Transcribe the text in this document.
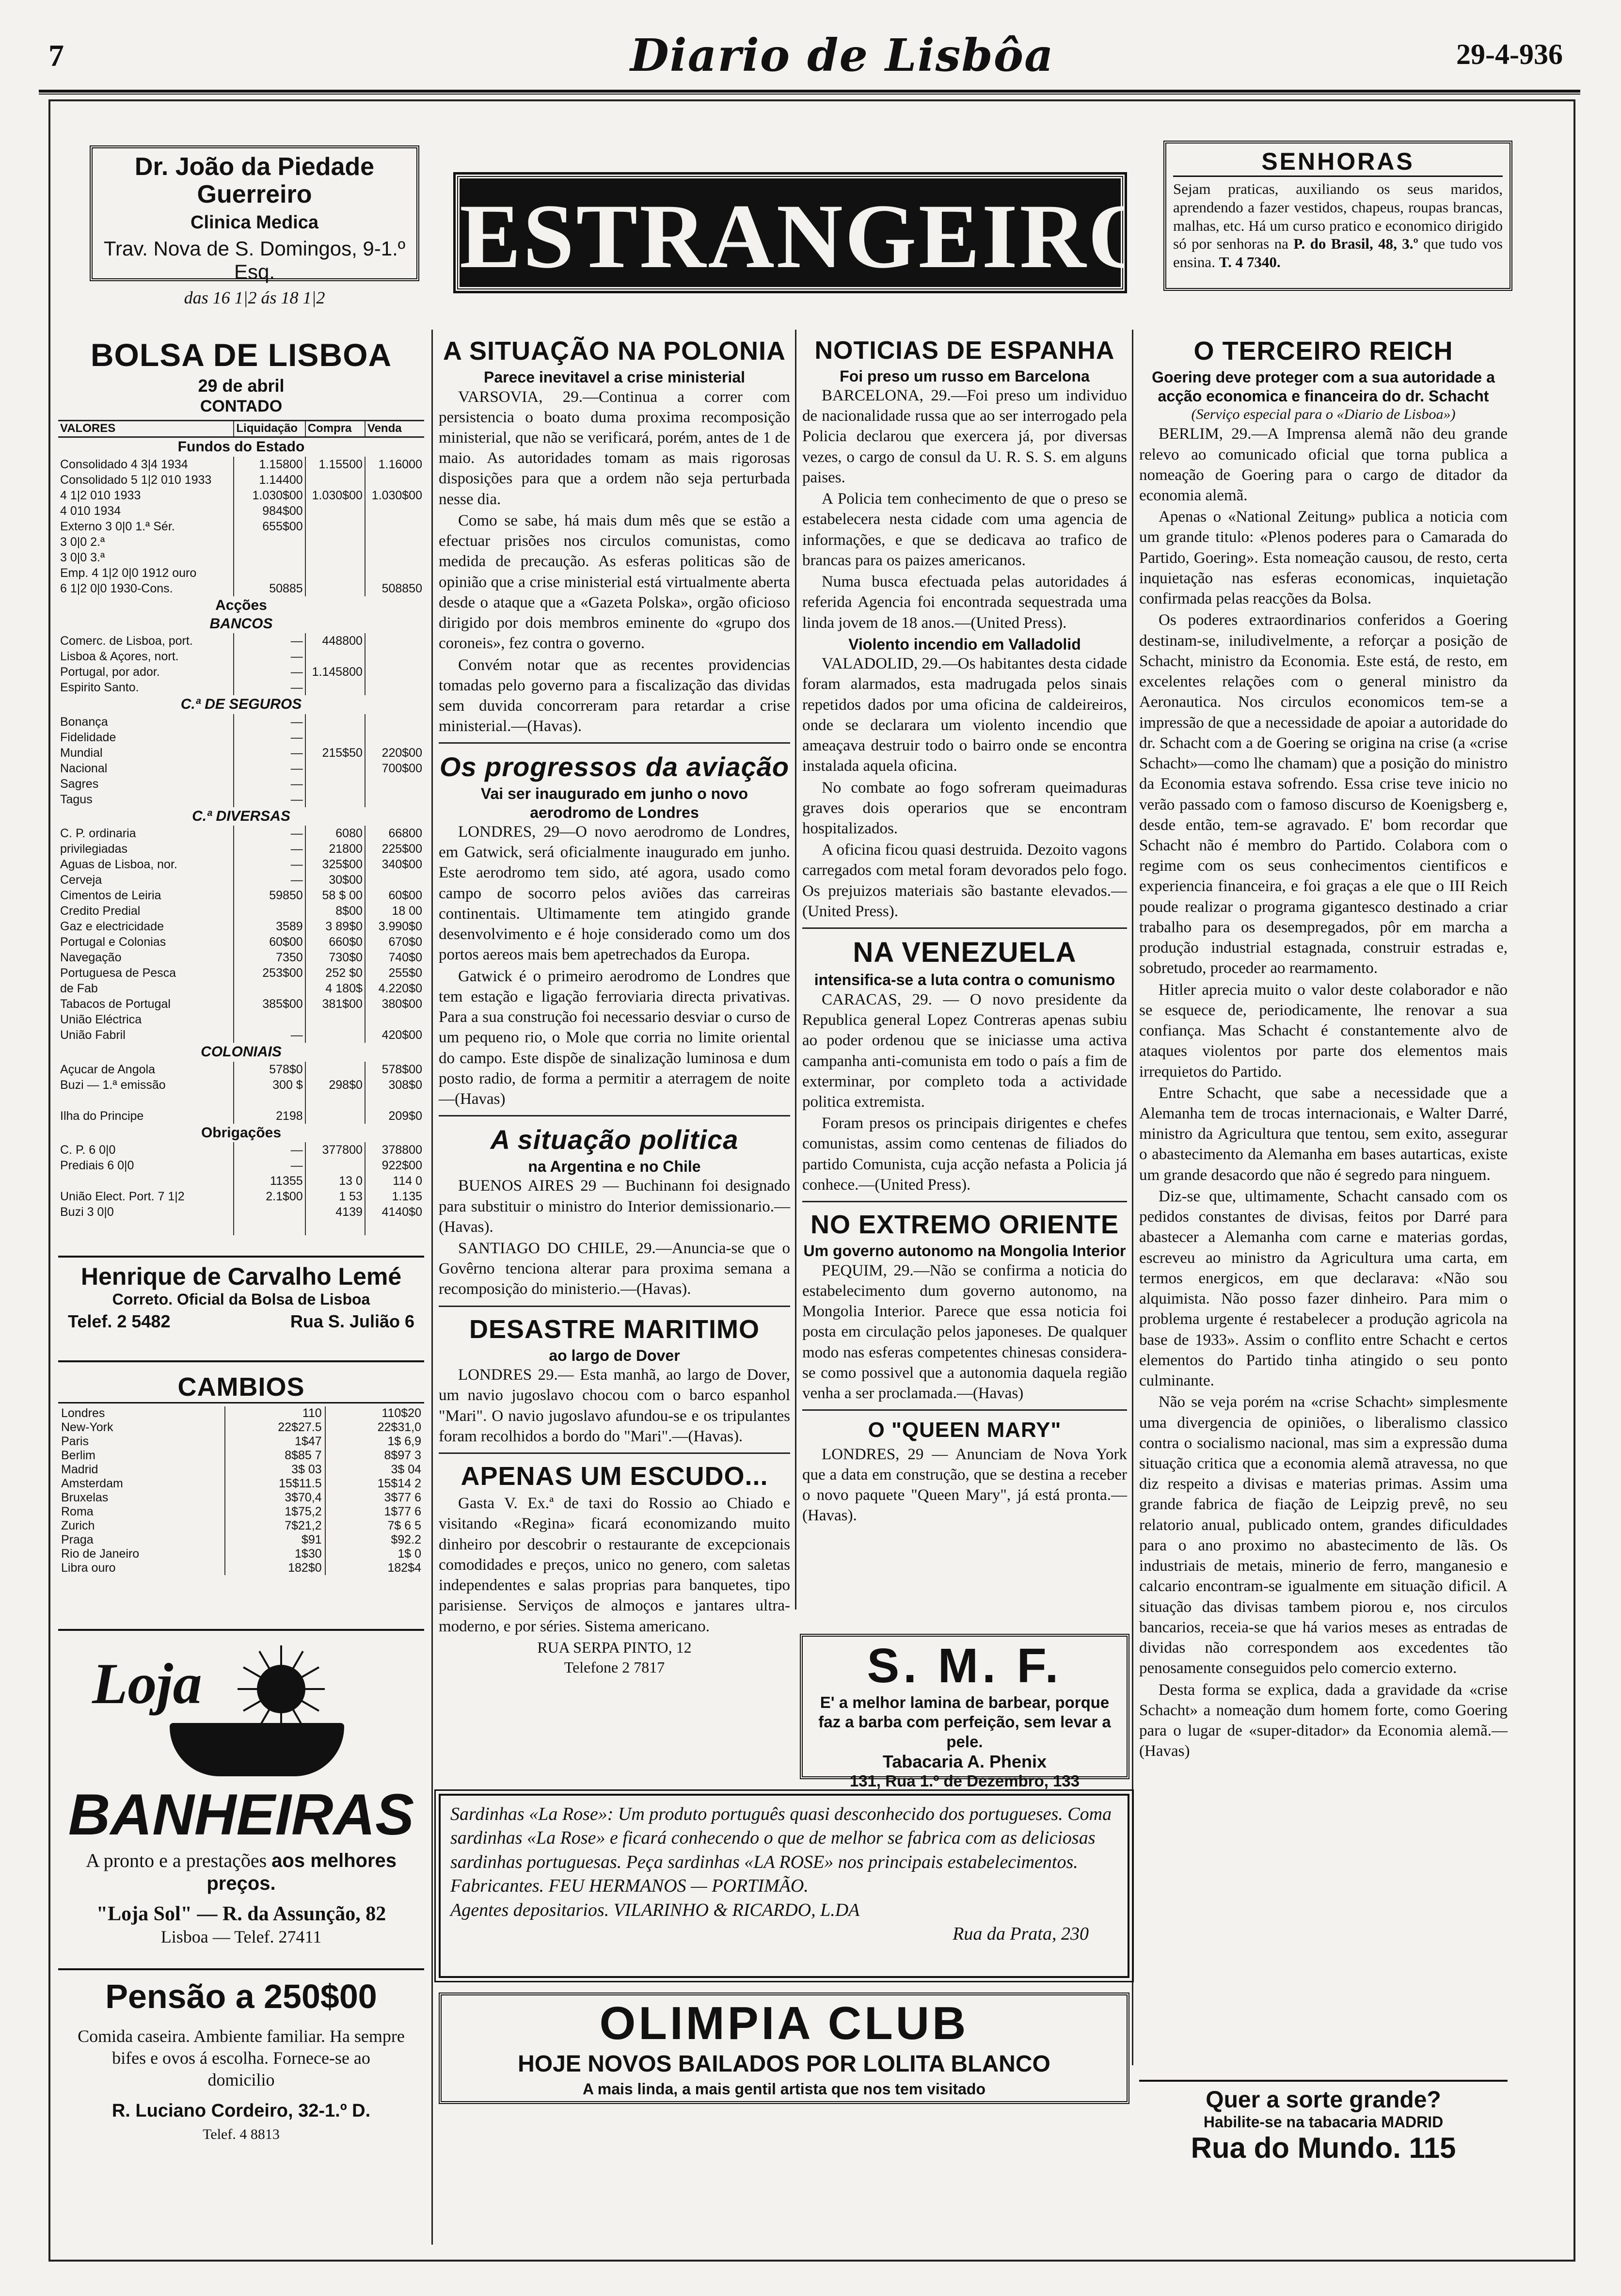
7	Diario de Lisbôa	29-4-936
Dr. João da Piedade Guerreiro
Clinica Medica
Trav. Nova de S. Domingos, 9-1.º Esq.
das 16 1|2 ás 18 1|2
ESTRANGEIRO
SENHORAS
Sejam praticas, auxiliando os seus maridos, aprendendo a fazer vestidos, chapeus, roupas brancas, malhas, etc. Há um curso pratico e economico dirigido só por senhoras na P. do Brasil, 48, 3.º que tudo vos ensina. T. 4 7340.
BOLSA DE LISBOA
29 de abril
CONTADO
VALORES	Liquidação	Compra	Venda
Fundos do Estado			
Consolidado 4 3|4 1934	1.15800	1.15500	1.16000
Consolidado 5 1|2 010 1933	1.14400		
4 1|2 010 1933	1.030$00	1.030$00	1.030$00
4 010 1934	984$00		
Externo 3 0|0 1.ª Sér.	655$00		
3 0|0 2.ª			
3 0|0 3.ª			
Emp. 4 1|2 0|0 1912 ouro			
6 1|2 0|0 1930-Cons.	50885		508850
Acções			
BANCOS			
Comerc. de Lisboa, port.	—	448800	
Lisboa & Açores, nort.	—		
Portugal, por ador.	—	1.145800	
Espirito Santo.	—		
C.ª DE SEGUROS			
Bonança	—		
Fidelidade	—		
Mundial	—	215$50	220$00
Nacional	—		700$00
Sagres	—		
Tagus	—		
C.ª DIVERSAS			
C. P. ordinaria	—	6080	66800
privilegiadas	—	21800	225$00
Aguas de Lisboa, nor.	—	325$00	340$00
Cerveja	—	30$00	
Cimentos de Leiria	59850	58 $ 00	60$00
Credito Predial		8$00	18 00
Gaz e electricidade	3589	3 89$0	3.990$0
Portugal e Colonias	60$00	660$0	670$0
Navegação	7350	730$0	740$0
Portuguesa de Pesca	253$00	252 $0	255$0
de Fab		4 180$	4.220$0
Tabacos de Portugal	385$00	381$00	380$00
União Eléctrica			
União Fabril	—		420$00
COLONIAIS			
Açucar de Angola	578$0		578$00
Buzi — 1.ª emissão	300 $	298$0	308$0

Ilha do Principe	2198		209$0
Obrigações			
C. P. 6 0|0	—	377800	378800
Prediais 6 0|0	—		922$00
	11355	13 0	114 0
União Elect. Port. 7 1|2	2.1$00	1 53	1.135
Buzi 3 0|0		4139	4140$0

Henrique de Carvalho Lemé
Correto. Oficial da Bolsa de Lisboa
Telef. 2 5482	Rua S. Julião 6
CAMBIOS
Londres	110	110$20
New-York	22$27.5	22$31,0
Paris	1$47	1$ 6,9
Berlim	8$85 7	8$97 3
Madrid	3$ 03	3$ 04
Amsterdam	15$11.5	15$14 2
Bruxelas	3$70,4	3$77 6
Roma	1$75,2	1$77 6
Zurich	7$21,2	7$ 6 5
Praga	$91	$92.2
Rio de Janeiro	1$30	1$ 0
Libra ouro	182$0	182$4
Loja
BANHEIRAS
A pronto e a prestações aos melhores preços.
"Loja Sol" — R. da Assunção, 82
Lisboa — Telef. 27411
Pensão a 250$00
Comida caseira. Ambiente familiar. Ha sempre bifes e ovos á escolha. Fornece-se ao domicilio
R. Luciano Cordeiro, 32-1.º D.
Telef. 4 8813
A SITUAÇÃO NA POLONIA
Parece inevitavel a crise ministerial

VARSOVIA, 29.—Continua a correr com persistencia o boato duma proxima recomposição ministerial, que não se verificará, porém, antes de 1 de maio. As autoridades tomam as mais rigorosas disposições para que a ordem não seja perturbada nesse dia.

Como se sabe, há mais dum mês que se estão a efectuar prisões nos circulos comunistas, como medida de precaução. As esferas politicas são de opinião que a crise ministerial está virtualmente aberta desde o ataque que a «Gazeta Polska», orgão oficioso dirigido por dois membros eminente do «grupo dos coroneis», fez contra o governo.

Convém notar que as recentes providencias tomadas pelo governo para a fiscalização das dividas sem duvida concorreram para retardar a crise ministerial.—(Havas).

Os progressos da aviação
Vai ser inaugurado em junho o novo aerodromo de Londres

LONDRES, 29—O novo aerodromo de Londres, em Gatwick, será oficialmente inaugurado em junho. Este aerodromo tem sido, até agora, usado como campo de socorro pelos aviões das carreiras continentais. Ultimamente tem atingido grande desenvolvimento e é hoje considerado como um dos portos aereos mais bem apetrechados da Europa.

Gatwick é o primeiro aerodromo de Londres que tem estação e ligação ferroviaria directa privativas. Para a sua construção foi necessario desviar o curso de um pequeno rio, o Mole que corria no limite oriental do campo. Este dispõe de sinalização luminosa e dum posto radio, de forma a permitir a aterragem de noite—(Havas)

A situação politica
na Argentina e no Chile

BUENOS AIRES 29 — Buchinann foi designado para substituir o ministro do Interior demissionario.—(Havas).

SANTIAGO DO CHILE, 29.—Anuncia-se que o Govêrno tenciona alterar para proxima semana a recomposição do ministerio.—(Havas).

DESASTRE MARITIMO
ao largo de Dover

LONDRES 29.— Esta manhã, ao largo de Dover, um navio jugoslavo chocou com o barco espanhol "Mari". O navio jugoslavo afundou-se e os tripulantes foram recolhidos a bordo do "Mari".—(Havas).

APENAS UM ESCUDO...

Gasta V. Ex.ª de taxi do Rossio ao Chiado e visitando «Regina» ficará economizando muito dinheiro por descobrir o restaurante de excepcionais comodidades e preços, unico no genero, com saletas independentes e salas proprias para banquetes, tipo parisiense. Serviços de almoços e jantares ultra-moderno, e por séries. Sistema americano.

RUA SERPA PINTO, 12
Telefone 2 7817
NOTICIAS DE ESPANHA
Foi preso um russo em Barcelona

BARCELONA, 29.—Foi preso um individuo de nacionalidade russa que ao ser interrogado pela Policia declarou que exercera já, por diversas vezes, o cargo de consul da U. R. S. S. em alguns paises.

A Policia tem conhecimento de que o preso se estabelecera nesta cidade com uma agencia de informações, e que se dedicava ao trafico de brancas para os paizes americanos.

Numa busca efectuada pelas autoridades á referida Agencia foi encontrada sequestrada uma linda jovem de 18 anos.—(United Press).

Violento incendio em Valladolid

VALADOLID, 29.—Os habitantes desta cidade foram alarmados, esta madrugada pelos sinais repetidos dados por uma oficina de caldeireiros, onde se declarara um violento incendio que ameaçava destruir todo o bairro onde se encontra instalada aquela oficina.

No combate ao fogo sofreram queimaduras graves dois operarios que se encontram hospitalizados.

A oficina ficou quasi destruida. Dezoito vagons carregados com metal foram devorados pelo fogo. Os prejuizos materiais são bastante elevados.—(United Press).

NA VENEZUELA
intensifica-se a luta contra o comunismo

CARACAS, 29. — O novo presidente da Republica general Lopez Contreras apenas subiu ao poder ordenou que se iniciasse uma activa campanha anti-comunista em todo o país a fim de exterminar, por completo toda a actividade politica extremista.

Foram presos os principais dirigentes e chefes comunistas, assim como centenas de filiados do partido Comunista, cuja acção nefasta a Policia já conhece.—(United Press).

NO EXTREMO ORIENTE
Um governo autonomo na Mongolia Interior

PEQUIM, 29.—Não se confirma a noticia do estabelecimento dum governo autonomo, na Mongolia Interior. Parece que essa noticia foi posta em circulação pelos japoneses. De qualquer modo nas esferas competentes chinesas considera-se como possivel que a autonomia daquela região venha a ser proclamada.—(Havas)

O "QUEEN MARY"

LONDRES, 29 — Anunciam de Nova York que a data em construção, que se destina a receber o novo paquete "Queen Mary", já está pronta.—(Havas).

S. M. F.
E' a melhor lamina de barbear, porque faz a barba com perfeição, sem levar a pele.
Tabacaria A. Phenix
131, Rua 1.º de Dezembro, 133
O TERCEIRO REICH
Goering deve proteger com a sua autoridade a acção economica e financeira do dr. Schacht
(Serviço especial para o «Diario de Lisboa»)

BERLIM, 29.—A Imprensa alemã não deu grande relevo ao comunicado oficial que torna publica a nomeação de Goering para o cargo de ditador da economia alemã.

Apenas o «National Zeitung» publica a noticia com um grande titulo: «Plenos poderes para o Camarada do Partido, Goering». Esta nomeação causou, de resto, certa inquietação nas esferas economicas, inquietação confirmada pelas reacções da Bolsa.

Os poderes extraordinarios conferidos a Goering destinam-se, iniludivelmente, a reforçar a posição de Schacht, ministro da Economia. Este está, de resto, em excelentes relações com o general ministro da Aeronautica. Nos circulos economicos tem-se a impressão de que a necessidade de apoiar a autoridade do dr. Schacht com a de Goering se origina na crise (a «crise Schacht»—como lhe chamam) que a posição do ministro da Economia estava sofrendo. Essa crise teve inicio no verão passado com o famoso discurso de Koenigsberg e, desde então, tem-se agravado. E' bom recordar que Schacht não é membro do Partido. Colabora com o regime com os seus conhecimentos cientificos e experiencia financeira, e foi graças a ele que o III Reich poude realizar o programa gigantesco destinado a criar trabalho para os desempregados, pôr em marcha a produção industrial estagnada, construir estradas e, sobretudo, proceder ao rearmamento.

Hitler aprecia muito o valor deste colaborador e não se esquece de, periodicamente, lhe renovar a sua confiança. Mas Schacht é constantemente alvo de ataques violentos por parte dos elementos mais irrequietos do Partido.

Entre Schacht, que sabe a necessidade que a Alemanha tem de trocas internacionais, e Walter Darré, ministro da Agricultura que tentou, sem exito, assegurar o abastecimento da Alemanha em bases autarticas, existe um grande desacordo que não é segredo para ninguem.

Diz-se que, ultimamente, Schacht cansado com os pedidos constantes de divisas, feitos por Darré para abastecer a Alemanha com carne e materias gordas, escreveu ao ministro da Agricultura uma carta, em termos energicos, em que declarava: «Não sou alquimista. Não posso fazer dinheiro. Para mim o problema urgente é restabelecer a produção agricola na base de 1933». Assim o conflito entre Schacht e certos elementos do Partido tinha atingido o seu ponto culminante.

Não se veja porém na «crise Schacht» simplesmente uma divergencia de opiniões, o liberalismo classico contra o socialismo nacional, mas sim a expressão duma situação critica que a economia alemã atravessa, no que diz respeito a divisas e materias primas. Assim uma grande fabrica de fiação de Leipzig prevê, no seu relatorio anual, publicado ontem, grandes dificuldades para o ano proximo no abastecimento de lãs. Os industriais de metais, minerio de ferro, manganesio e calcario encontram-se igualmente em situação dificil. A situação das divisas tambem piorou e, nos circulos bancarios, receia-se que há varios meses as entradas de dividas não correspondem aos excedentes tão penosamente conseguidos pelo comercio externo.

Desta forma se explica, dada a gravidade da «crise Schacht» a nomeação dum homem forte, como Goering para o lugar de «super-ditador» da Economia alemã.—(Havas)

Sardinhas «La Rose»: Um produto português quasi desconhecido dos portugueses. Coma sardinhas «La Rose» e ficará conhecendo o que de melhor se fabrica com as deliciosas sardinhas portuguesas. Peça sardinhas «LA ROSE» nos principais estabelecimentos.
Fabricantes. FEU HERMANOS — PORTIMÃO.
Agentes depositarios. VILARINHO & RICARDO, L.DA
Rua da Prata, 230
OLIMPIA CLUB
HOJE NOVOS BAILADOS POR LOLITA BLANCO
A mais linda, a mais gentil artista que nos tem visitado	Quer a sorte grande?
Habilite-se na tabacaria MADRID
Rua do Mundo. 115
